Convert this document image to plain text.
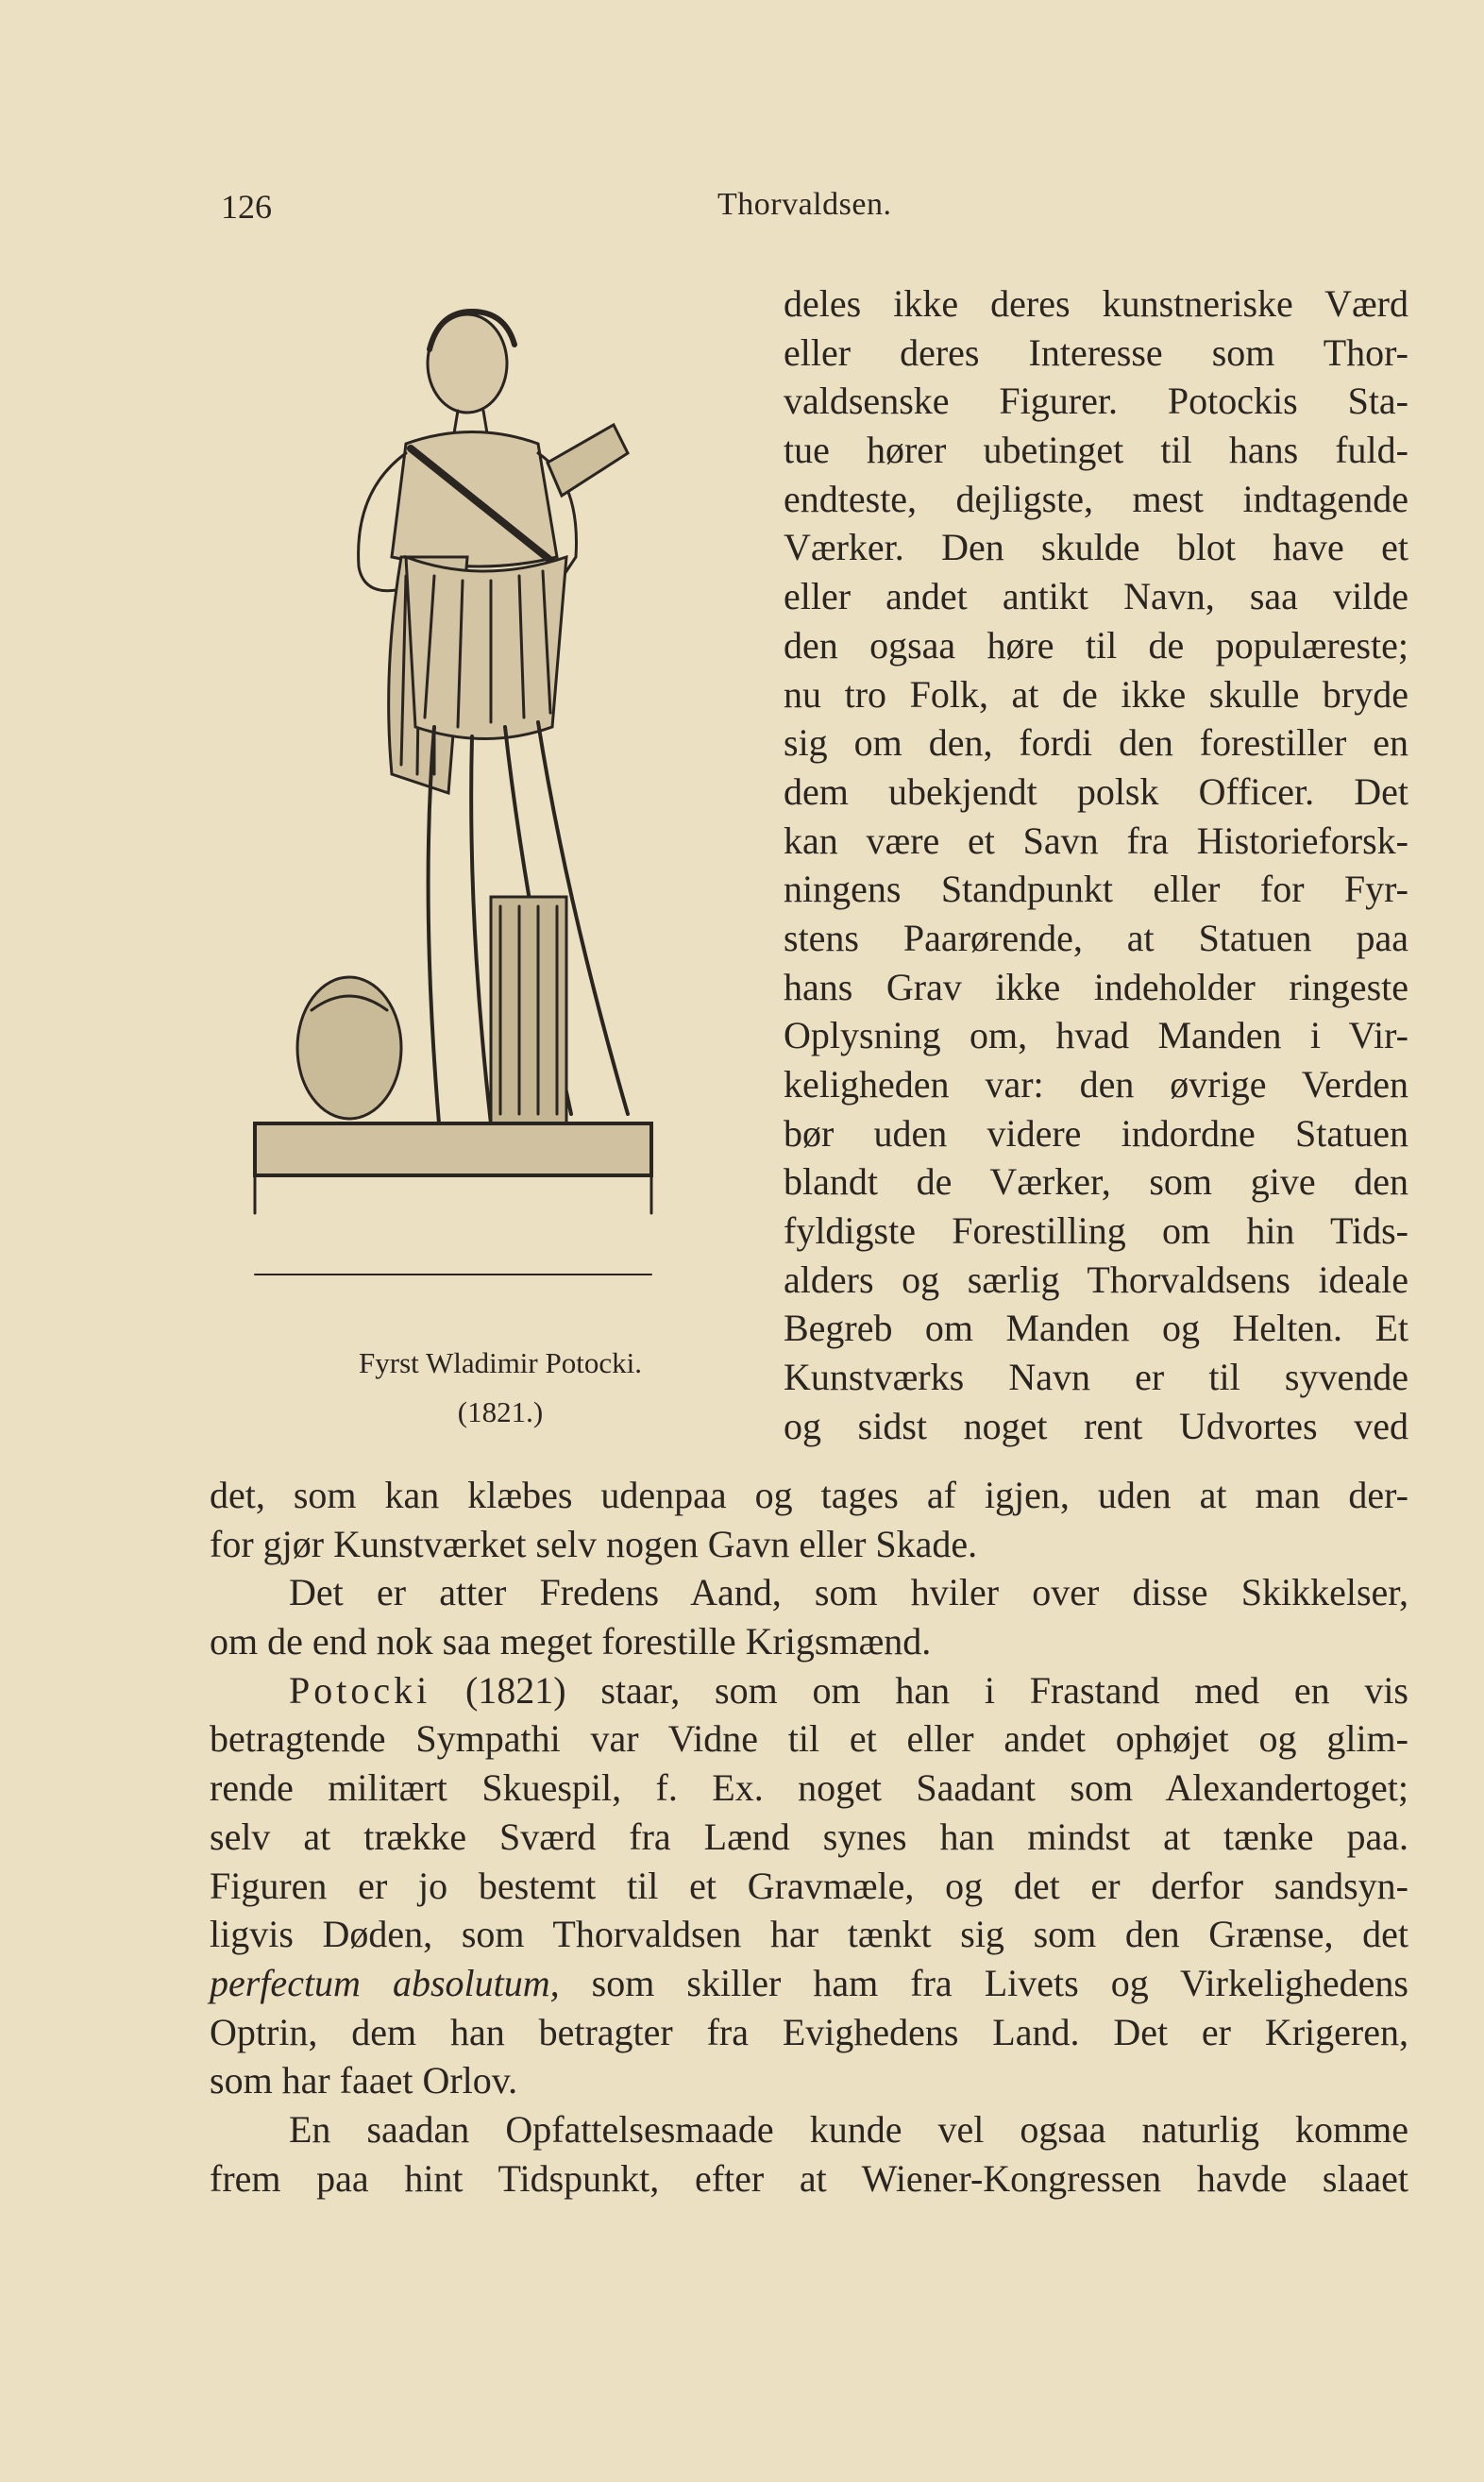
126	Thorvaldsen.
Fyrst Wladimir Potocki.
(1821.)
deles ikke deres kunstneriske Værd
eller deres Interesse som Thor-
valdsenske Figurer. Potockis Sta-
tue hører ubetinget til hans fuld-
endteste, dejligste, mest indtagende
Værker. Den skulde blot have et
eller andet antikt Navn, saa vilde
den ogsaa høre til de populæreste;
nu tro Folk, at de ikke skulle bryde
sig om den, fordi den forestiller en
dem ubekjendt polsk Officer. Det
kan være et Savn fra Historieforsk-
ningens Standpunkt eller for Fyr-
stens Paarørende, at Statuen paa
hans Grav ikke indeholder ringeste
Oplysning om, hvad Manden i Vir-
keligheden var: den øvrige Verden
bør uden videre indordne Statuen
blandt de Værker, som give den
fyldigste Forestilling om hin Tids-
alders og særlig Thorvaldsens ideale
Begreb om Manden og Helten. Et
Kunstværks Navn er til syvende
og sidst noget rent Udvortes ved
det, som kan klæbes udenpaa og tages af igjen, uden at man der-
for gjør Kunstværket selv nogen Gavn eller Skade.
Det er atter Fredens Aand, som hviler over disse Skikkelser,
om de end nok saa meget forestille Krigsmænd.
Potocki (1821) staar, som om han i Frastand med en vis
betragtende Sympathi var Vidne til et eller andet ophøjet og glim-
rende militært Skuespil, f. Ex. noget Saadant som Alexandertoget;
selv at trække Sværd fra Lænd synes han mindst at tænke paa.
Figuren er jo bestemt til et Gravmæle, og det er derfor sandsyn-
ligvis Døden, som Thorvaldsen har tænkt sig som den Grænse, det
perfectum absolutum, som skiller ham fra Livets og Virkelighedens
Optrin, dem han betragter fra Evighedens Land. Det er Krigeren,
som har faaet Orlov.
En saadan Opfattelsesmaade kunde vel ogsaa naturlig komme
frem paa hint Tidspunkt, efter at Wiener-Kongressen havde slaaet
